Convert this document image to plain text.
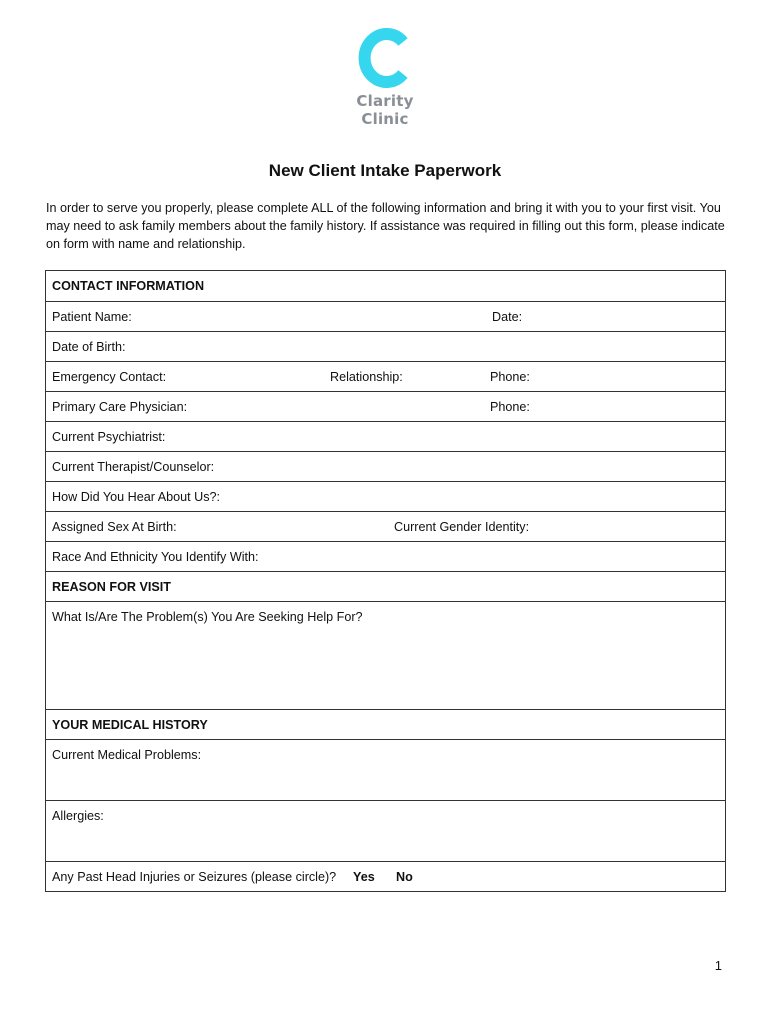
Clarity Clinic
New Client Intake Paperwork
In order to serve you properly, please complete ALL of the following information and bring it with you to your first visit. You may need to ask family members about the family history. If assistance was required in filling out this form, please indicate on form with name and relationship.
CONTACT INFORMATION
Patient Name:	Date:
Date of Birth:
Emergency Contact:	Relationship:	Phone:
Primary Care Physician:	Phone:
Current Psychiatrist:
Current Therapist/Counselor:
How Did You Hear About Us?:
Assigned Sex At Birth:	Current Gender Identity:
Race And Ethnicity You Identify With:
REASON FOR VISIT
What Is/Are The Problem(s) You Are Seeking Help For?
YOUR MEDICAL HISTORY
Current Medical Problems:
Allergies:
Any Past Head Injuries or Seizures (please circle)? Yes No
1
